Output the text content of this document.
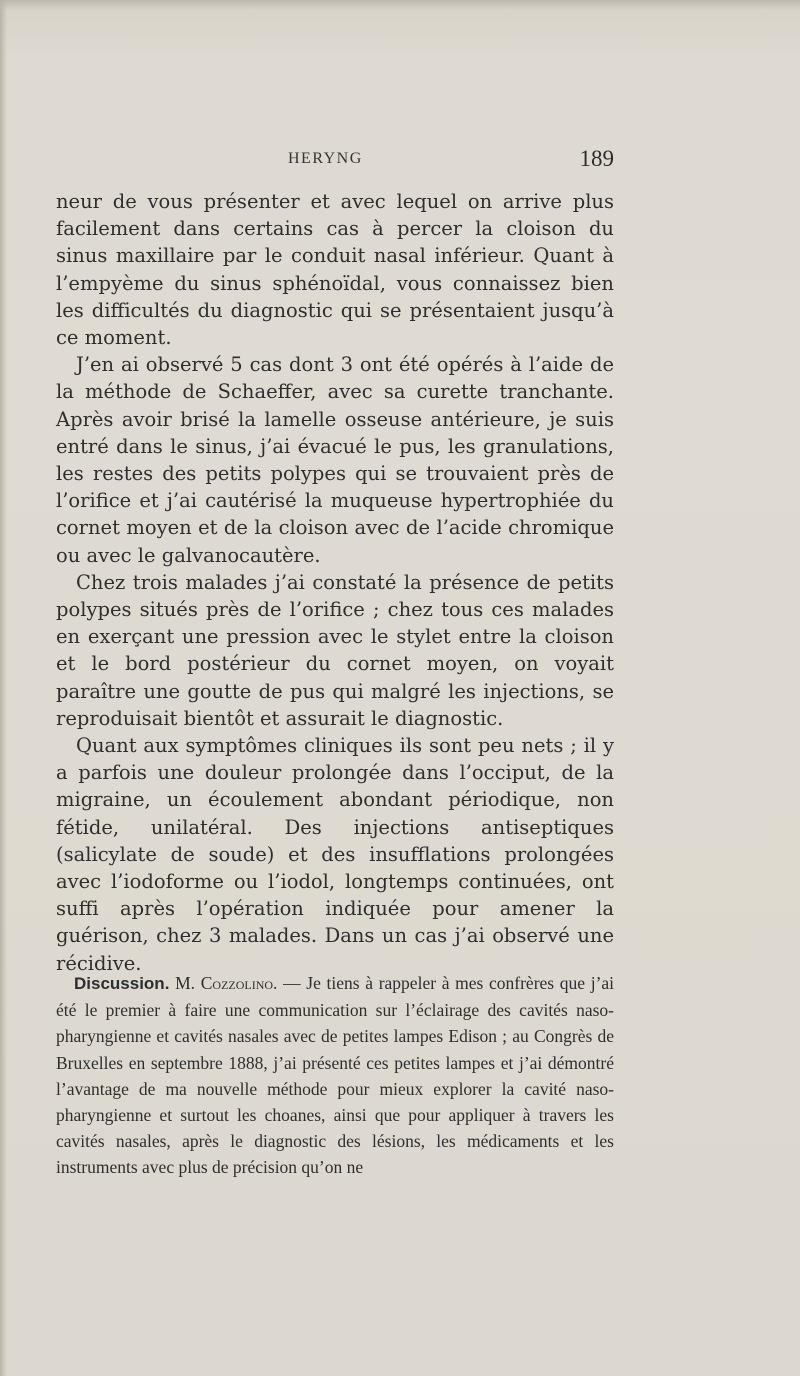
HERYNG	189

neur de vous présenter et avec lequel on arrive plus facilement dans certains cas à percer la cloison du sinus maxillaire par le conduit nasal inférieur. Quant à l’empyème du sinus sphénoïdal, vous connaissez bien les difficultés du diagnostic qui se présentaient jusqu’à ce moment.

J’en ai observé 5 cas dont 3 ont été opérés à l’aide de la méthode de Schaeffer, avec sa curette tranchante. Après avoir brisé la lamelle osseuse antérieure, je suis entré dans le sinus, j’ai évacué le pus, les granulations, les restes des petits polypes qui se trouvaient près de l’orifice et j’ai cautérisé la muqueuse hypertrophiée du cornet moyen et de la cloison avec de l’acide chromique ou avec le galvanocautère.

Chez trois malades j’ai constaté la présence de petits polypes situés près de l’orifice ; chez tous ces malades en exerçant une pression avec le stylet entre la cloison et le bord postérieur du cornet moyen, on voyait paraître une goutte de pus qui malgré les injections, se reproduisait bientôt et assurait le diagnostic.

Quant aux symptômes cliniques ils sont peu nets ; il y a parfois une douleur prolongée dans l’occiput, de la migraine, un écoulement abondant périodique, non fétide, unilatéral. Des injections antiseptiques (salicylate de soude) et des insufflations prolongées avec l’iodoforme ou l’iodol, longtemps continuées, ont suffi après l’opération indiquée pour amener la guérison, chez 3 malades. Dans un cas j’ai observé une récidive.

Discussion. M. Cozzolino. — Je tiens à rappeler à mes confrères que j’ai été le premier à faire une communication sur l’éclairage des cavités naso-pharyngienne et cavités nasales avec de petites lampes Edison ; au Congrès de Bruxelles en septembre 1888, j’ai présenté ces petites lampes et j’ai démontré l’avantage de ma nouvelle méthode pour mieux explorer la cavité naso-pharyngienne et surtout les choanes, ainsi que pour appliquer à travers les cavités nasales, après le diagnostic des lésions, les médicaments et les instruments avec plus de précision qu’on ne
